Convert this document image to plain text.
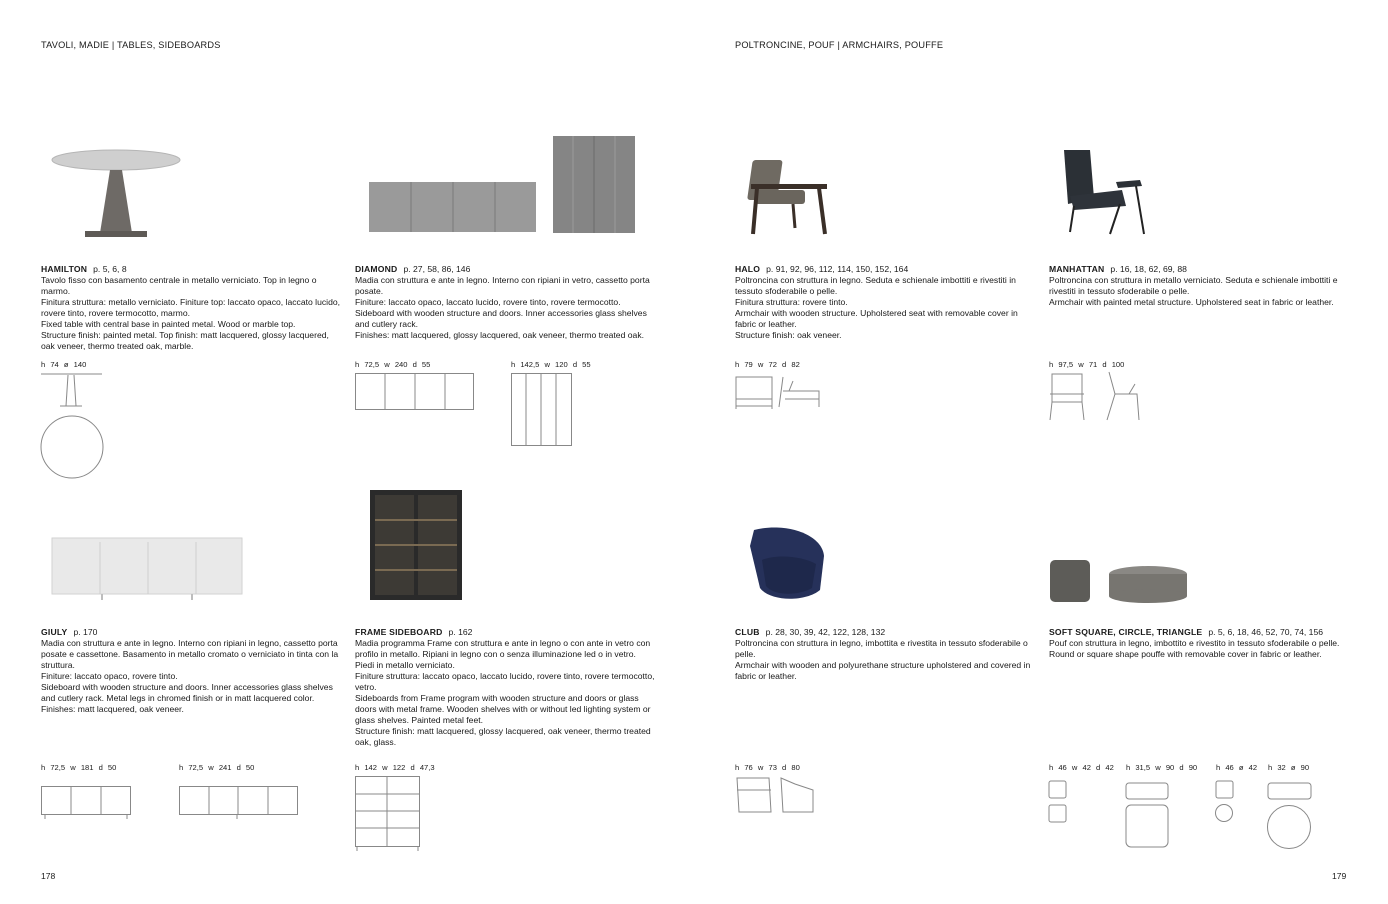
TAVOLI, MADIE | TABLES, SIDEBOARDS	POLTRONCINE, POUF | ARMCHAIRS, POUFFE
HAMILTON p. 5, 6, 8
Tavolo fisso con basamento centrale in metallo verniciato. Top in legno o marmo.
Finitura struttura: metallo verniciato. Finiture top: laccato opaco, laccato lucido, rovere tinto, rovere termocotto, marmo.
Fixed table with central base in painted metal. Wood or marble top.
Structure finish: painted metal. Top finish: matt lacquered, glossy lacquered, oak veneer, thermo treated oak, marble.
h 74 ø 140
DIAMOND p. 27, 58, 86, 146
Madia con struttura e ante in legno. Interno con ripiani in vetro, cassetto porta posate.
Finiture: laccato opaco, laccato lucido, rovere tinto, rovere termocotto.
Sideboard with wooden structure and doors. Inner accessories glass shelves and cutlery rack.
Finishes: matt lacquered, glossy lacquered, oak veneer, thermo treated oak.
h 72,5 w 240 d 55	h 142,5 w 120 d 55
HALO p. 91, 92, 96, 112, 114, 150, 152, 164
Poltroncina con struttura in legno. Seduta e schienale imbottiti e rivestiti in tessuto sfoderabile o pelle.
Finitura struttura: rovere tinto.
Armchair with wooden structure. Upholstered seat with removable cover in fabric or leather.
Structure finish: oak veneer.
h 79 w 72 d 82
MANHATTAN p. 16, 18, 62, 69, 88
Poltroncina con struttura in metallo verniciato. Seduta e schienale imbottiti e rivestiti in tessuto sfoderabile o pelle.
Armchair with painted metal structure. Upholstered seat in fabric or leather.
h 97,5 w 71 d 100
GIULY p. 170
Madia con struttura e ante in legno. Interno con ripiani in legno, cassetto porta posate e cassettone. Basamento in metallo cromato o verniciato in tinta con la struttura.
Finiture: laccato opaco, rovere tinto.
Sideboard with wooden structure and doors. Inner accessories glass shelves and cutlery rack. Metal legs in chromed finish or in matt lacquered color.
Finishes: matt lacquered, oak veneer.
h 72,5 w 181 d 50	h 72,5 w 241 d 50
FRAME SIDEBOARD p. 162
Madia programma Frame con struttura e ante in legno o con ante in vetro con profilo in metallo. Ripiani in legno con o senza illuminazione led o in vetro. Piedi in metallo verniciato.
Finiture struttura: laccato opaco, laccato lucido, rovere tinto, rovere termocotto, vetro.
Sideboards from Frame program with wooden structure and doors or glass doors with metal frame. Wooden shelves with or without led lighting system or glass shelves. Painted metal feet.
Structure finish: matt lacquered, glossy lacquered, oak veneer, thermo treated oak, glass.
h 142 w 122 d 47,3
CLUB p. 28, 30, 39, 42, 122, 128, 132
Poltroncina con struttura in legno, imbottita e rivestita in tessuto sfoderabile o pelle.
Armchair with wooden and polyurethane structure upholstered and covered in fabric or leather.
h 76 w 73 d 80
SOFT SQUARE, CIRCLE, TRIANGLE p. 5, 6, 18, 46, 52, 70, 74, 156
Pouf con struttura in legno, imbottito e rivestito in tessuto sfoderabile o pelle.
Round or square shape pouffe with removable cover in fabric or leather.
h 46 w 42 d 42 h 31,5 w 90 d 90 h 46 ø 42 h 32 ø 90
178	179
